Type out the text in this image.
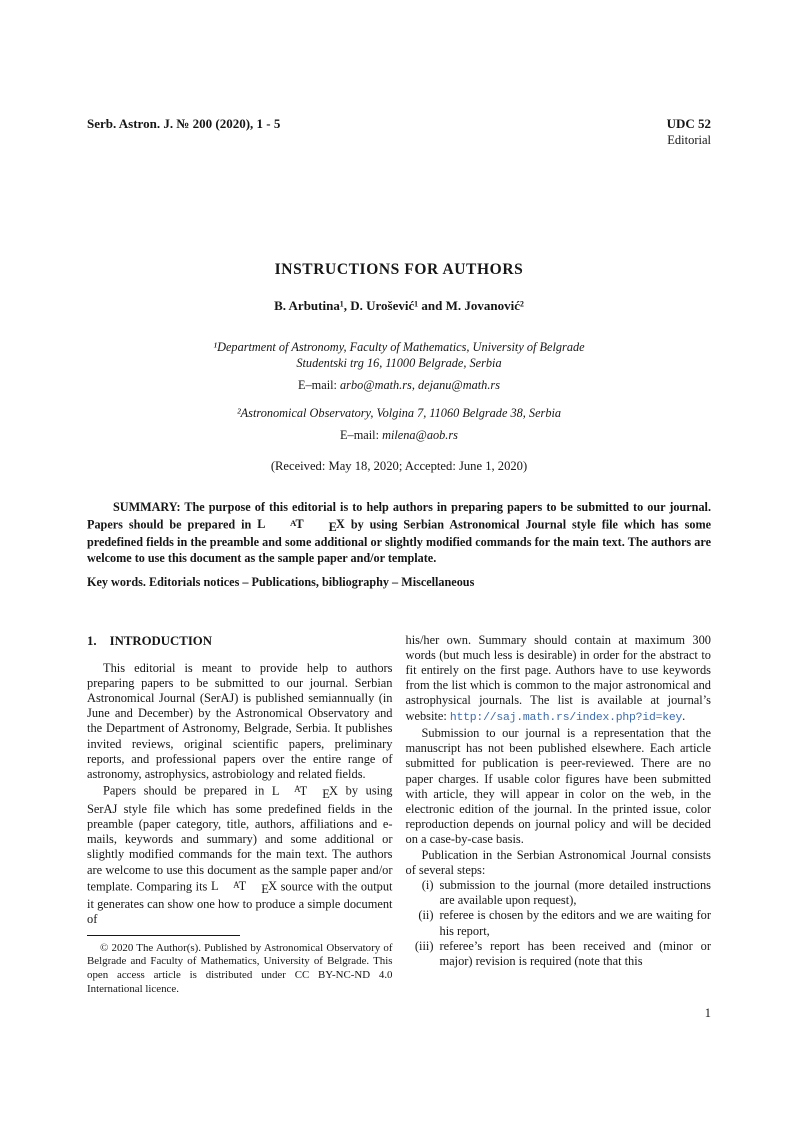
Serb. Astron. J. № 200 (2020), 1 - 5	UDC 52
Editorial
INSTRUCTIONS FOR AUTHORS
B. Arbutina¹, D. Urošević¹ and M. Jovanović²
¹Department of Astronomy, Faculty of Mathematics, University of Belgrade
Studentski trg 16, 11000 Belgrade, Serbia
E–mail: arbo@math.rs, dejanu@math.rs
²Astronomical Observatory, Volgina 7, 11060 Belgrade 38, Serbia
E–mail: milena@aob.rs
(Received: May 18, 2020; Accepted: June 1, 2020)

SUMMARY: The purpose of this editorial is to help authors in preparing papers to be submitted to our journal. Papers should be prepared in L	AT EX by using Serbian Astronomical Journal style file which has some predefined fields in the preamble and some additional or slightly modified commands for the main text. The authors are welcome to use this document as the sample paper and/or template.

Key words. Editorials notices – Publications, bibliography – Miscellaneous

1. INTRODUCTION

This editorial is meant to provide help to authors preparing papers to be submitted to our journal. Serbian Astronomical Journal (SerAJ) is published semiannually (in June and December) by the Astronomical Observatory and the Department of Astronomy, Belgrade, Serbia. It publishes invited reviews, original scientific papers, preliminary reports, and professional papers over the entire range of astronomy, astrophysics, astrobiology and related fields.

Papers should be prepared in L AT EX by using SerAJ style file which has some predefined fields in the preamble (paper category, title, authors, affiliations and e-mails, keywords and summary) and some additional or slightly modified commands for the main text. The authors are welcome to use this document as the sample paper and/or template. Comparing its L AT EX source with the output it generates can show one how to produce a simple document of

© 2020 The Author(s). Published by Astronomical Observatory of Belgrade and Faculty of Mathematics, University of Belgrade. This open access article is distributed under CC BY-NC-ND 4.0 International licence.

his/her own. Summary should contain at maximum 300 words (but much less is desirable) in order for the abstract to fit entirely on the first page. Authors have to use keywords from the list which is common to the major astronomical and astrophysical journals. The list is available at journal’s website: http://saj.math.rs/index.php?id=key.

Submission to our journal is a representation that the manuscript has not been published elsewhere. Each article submitted for publication is peer-reviewed. There are no paper charges. If usable color figures have been submitted with article, they will appear in color on the web, in the electronic edition of the journal. In the printed issue, color reproduction depends on journal policy and will be decided on a case-by-case basis.

Publication in the Serbian Astronomical Journal consists of several steps:

(i) submission to the journal (more detailed instructions are available upon request),
(ii) referee is chosen by the editors and we are waiting for his report,
(iii) referee’s report has been received and (minor or major) revision is required (note that this
1
